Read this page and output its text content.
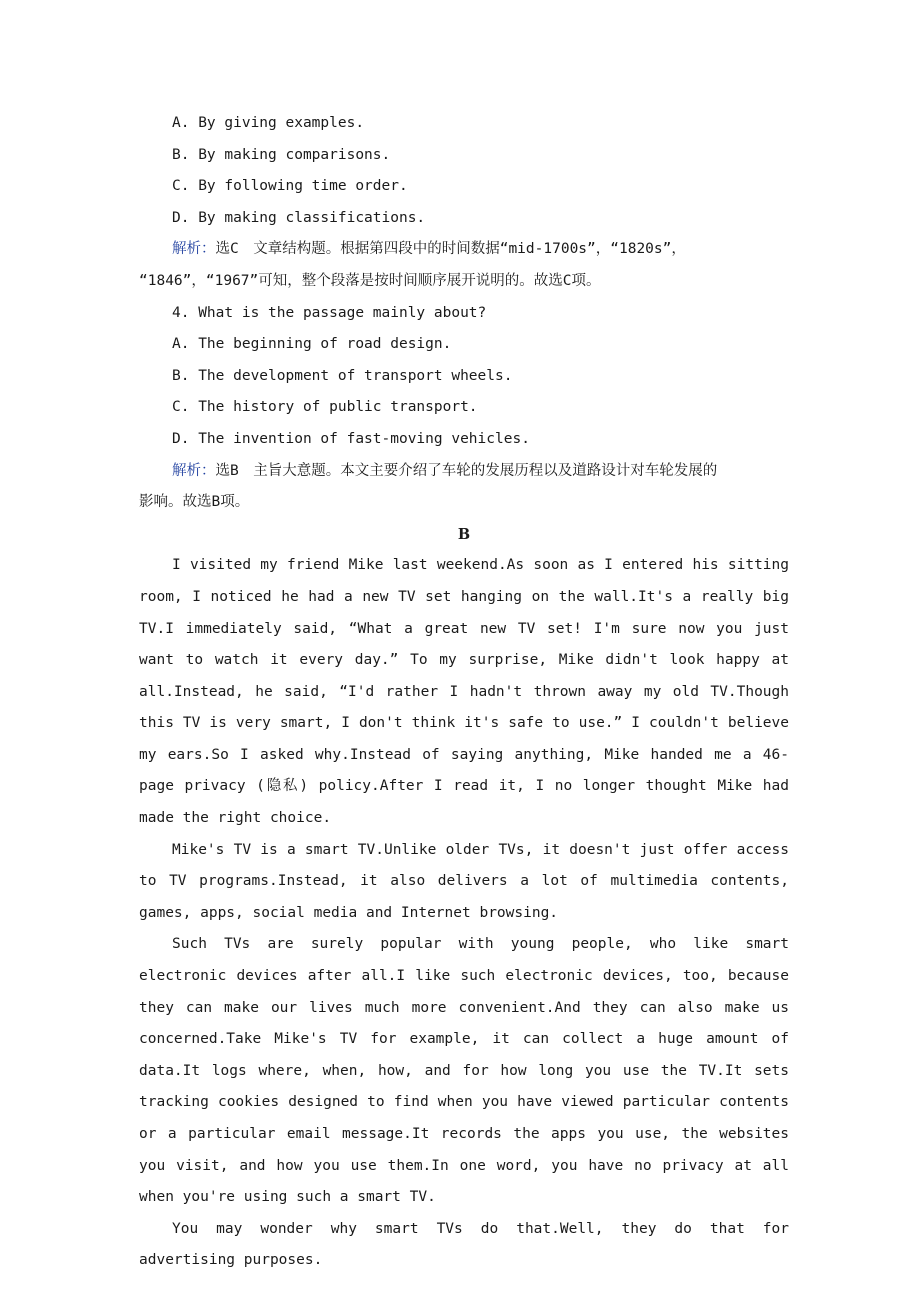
A. By giving examples.
B. By making comparisons.
C. By following time order.
D. By making classifications.
解析：选C　文章结构题。根据第四段中的时间数据“mid-1700s”，“1820s”，
“1846”，“1967”可知，整个段落是按时间顺序展开说明的。故选C项。
4. What is the passage mainly about?
A. The beginning of road design.
B. The development of transport wheels.
C. The history of public transport.
D. The invention of fast-moving vehicles.
解析：选B　主旨大意题。本文主要介绍了车轮的发展历程以及道路设计对车轮发展的
影响。故选B项。
B

I visited my friend Mike last weekend.As soon as I entered his sitting room, I noticed he had a new TV set hanging on the wall.It's a really big TV.I immediately said, “What a great new TV set! I'm sure now you just want to watch it every day.” To my surprise, Mike didn't look happy at all.Instead, he said, “I'd rather I hadn't thrown away my old TV.Though this TV is very smart, I don't think it's safe to use.” I couldn't believe my ears.So I asked why.Instead of saying anything, Mike handed me a 46-page privacy (隐私) policy.After I read it, I no longer thought Mike had made the right choice.

Mike's TV is a smart TV.Unlike older TVs, it doesn't just offer access to TV programs.Instead, it also delivers a lot of multimedia contents, games, apps, social media and Internet browsing.

Such TVs are surely popular with young people, who like smart electronic devices after all.I like such electronic devices, too, because they can make our lives much more convenient.And they can also make us concerned.Take Mike's TV for example, it can collect a huge amount of data.It logs where, when, how, and for how long you use the TV.It sets tracking cookies designed to find when you have viewed particular contents or a particular email message.It records the apps you use, the websites you visit, and how you use them.In one word, you have no privacy at all when you're using such a smart TV.

You may wonder why smart TVs do that.Well, they do that for advertising purposes.
